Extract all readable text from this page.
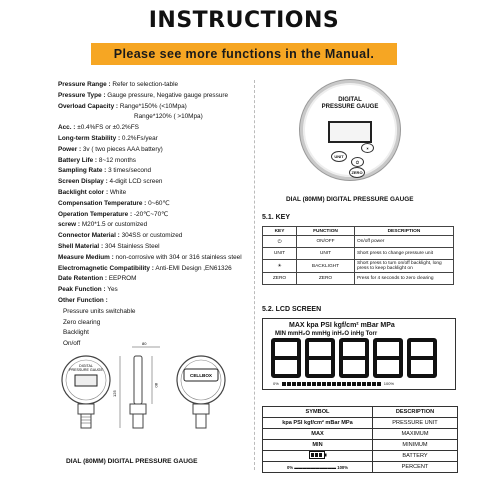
INSTRUCTIONS
Please see more functions in the Manual.
Pressure Range : Refer to selection-table
Pressure Type : Gauge pressure, Negative gauge pressure
Overload Capacity : Range*150% (<10Mpa)
Range*120% ( >10Mpa)
Acc. : ±0.4%FS or ±0.2%FS
Long-term Stability : 0.2%Fs/year
Power : 3v ( two pieces AAA battery)
Battery Life : 8~12 months
Sampling Rate : 3 times/second
Screen Display : 4-digit LCD screen
Backlight color : White
Compensation Temperature : 0~60℃
Operation Temperature : -20℃~70℃
screw : M20*1.5 or customized
Connector Material : 304SS or customized
Shell Material : 304 Stainless Steel
Measure Medium : non-corrosive with 304 or 316 stainless steel
Electromagnetic Compatibility : Anti-EMI Design ,EN61326
Date Retention : EEPROM
Peak Function : Yes
Other Function :
Pressure units switchable
Zero clearing
Backlight
On/off
DIGITAL
PRESSURE GAUGE
UNIT
⏻
☀
ZERO
DIAL (80MM) DIGITAL PRESSURE GAUGE
5.1. KEY
KEY	FUNCTION	DESCRIPTION
⏻	ON/OFF	On/off power
UNIT	UNIT	Short press to change pressure unit
☀	BACKLIGHT	Short press to turn on/off backlight, long press to keep backlight on
ZERO	ZERO	Press for 4 seconds to zero clearing
5.2. LCD SCREEN
MAX kpa PSI kgf/cm² mBar MPa
MIN mmH₂O mmHg inH₂O inHg Torr
0%	100%
SYMBOL	DESCRIPTION
kpa PSI kgf/cm² mBar MPa	PRESSURE UNIT
MAX	MAXIMUM
MIN	MINIMUM
	BATTERY
0% ▬▬▬▬▬▬▬▬▬▬ 100%	PERCENT
DIGITAL
PRESSURE GAUGE
125
80
80
CELLBOX
DIAL (80MM) DIGITAL PRESSURE GAUGE
